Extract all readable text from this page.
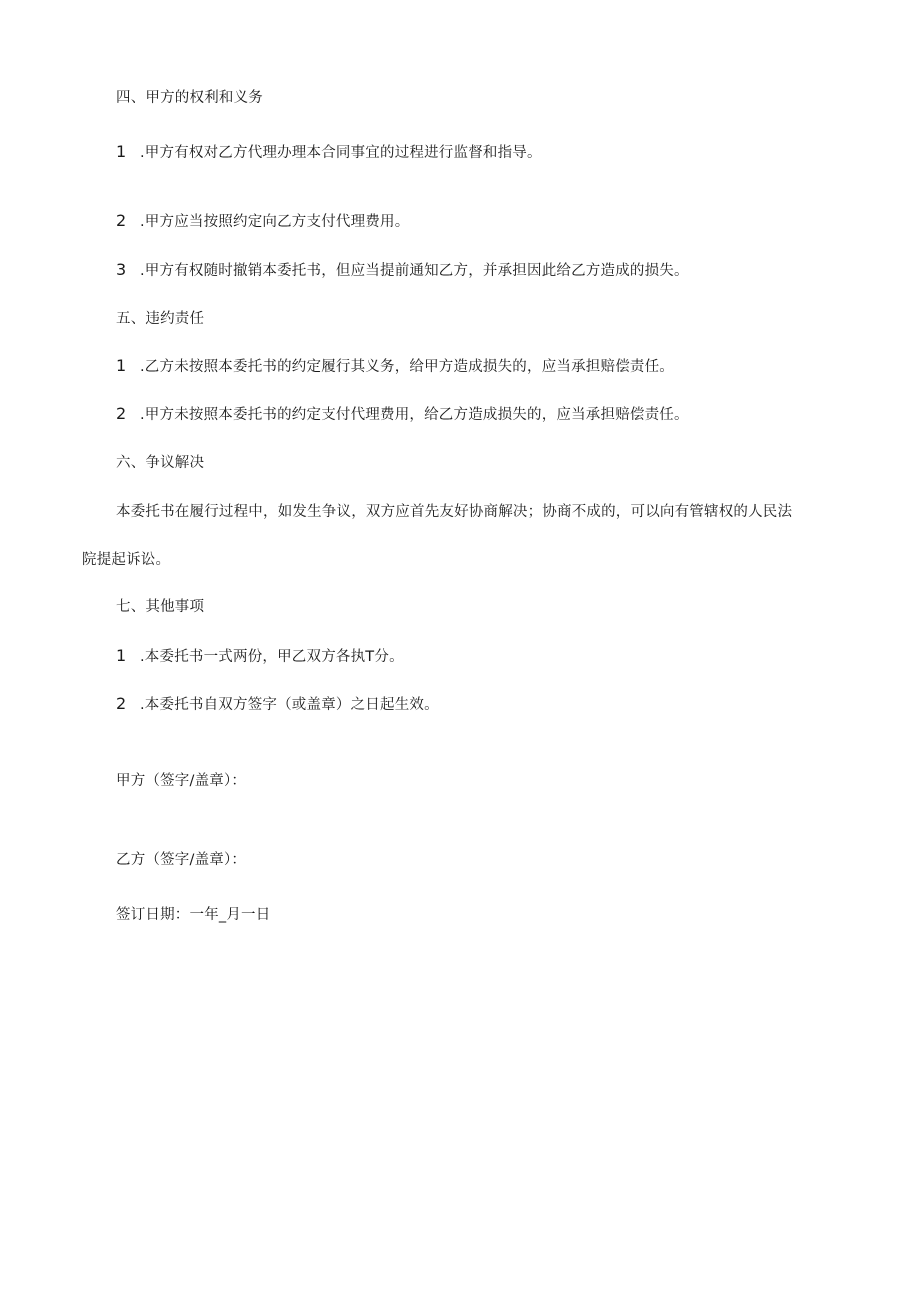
四、甲方的权利和义务
1 .甲方有权对乙方代理办理本合同事宜的过程进行监督和指导。
2 .甲方应当按照约定向乙方支付代理费用。
3 .甲方有权随时撤销本委托书，但应当提前通知乙方，并承担因此给乙方造成的损失。
五、违约责任
1 .乙方未按照本委托书的约定履行其义务，给甲方造成损失的，应当承担赔偿责任。
2 .甲方未按照本委托书的约定支付代理费用，给乙方造成损失的，应当承担赔偿责任。
六、争议解决
本委托书在履行过程中，如发生争议，双方应首先友好协商解决；协商不成的，可以向有管辖权的人民法
院提起诉讼。
七、其他事项
1 .本委托书一式两份，甲乙双方各执T分。
2 .本委托书自双方签字（或盖章）之日起生效。
甲方（签字/盖章）：
乙方（签字/盖章）：
签订日期：一年_月一日
